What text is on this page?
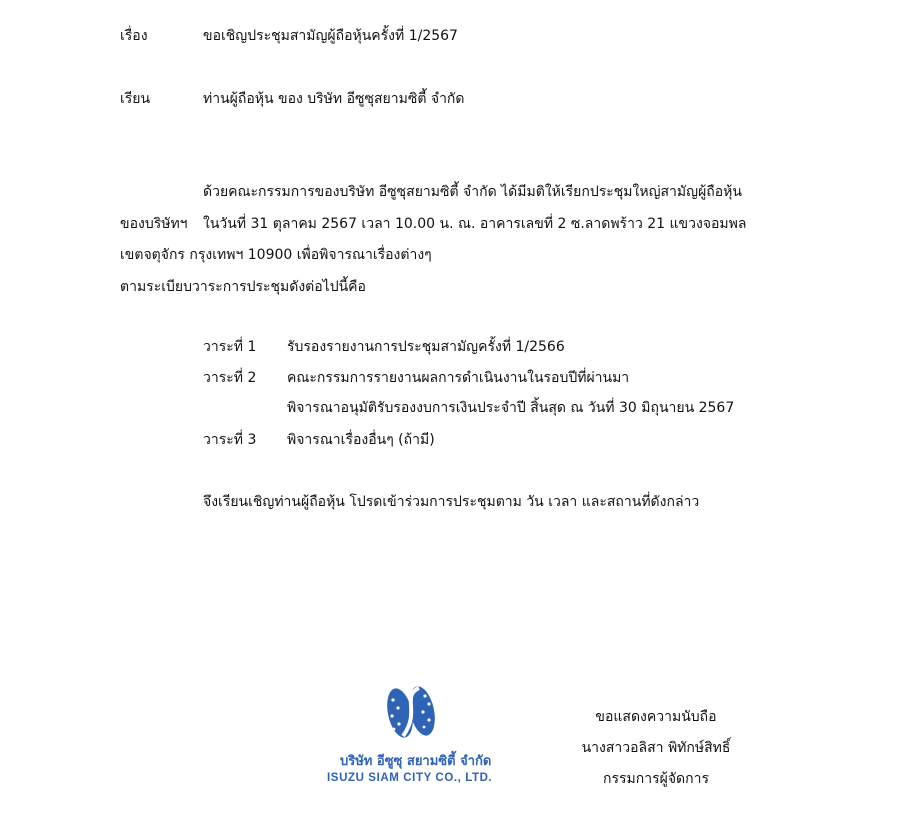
เรื่อง	ขอเชิญประชุมสามัญผู้ถือหุ้นครั้งที่ 1/2567
เรียน	ท่านผู้ถือหุ้น ของ บริษัท อีซูซุสยามซิตี้ จำกัด
ด้วยคณะกรรมการของบริษัท อีซูซุสยามซิตี้ จำกัด ได้มีมติให้เรียกประชุมใหญ่สามัญผู้ถือหุ้น
ของบริษัทฯ ในวันที่ 31 ตุลาคม 2567 เวลา 10.00 น. ณ. อาคารเลขที่ 2 ซ.ลาดพร้าว 21 แขวงจอมพล
เขตจตุจักร กรุงเทพฯ 10900 เพื่อพิจารณาเรื่องต่างๆ
ตามระเบียบวาระการประชุมดังต่อไปนี้คือ
วาระที่ 1 รับรองรายงานการประชุมสามัญครั้งที่ 1/2566
วาระที่ 2 คณะกรรมการรายงานผลการดำเนินงานในรอบปีที่ผ่านมา
พิจารณาอนุมัติรับรองงบการเงินประจำปี สิ้นสุด ณ วันที่ 30 มิถุนายน 2567
วาระที่ 3 พิจารณาเรื่องอื่นๆ (ถ้ามี)
จึงเรียนเชิญท่านผู้ถือหุ้น โปรดเข้าร่วมการประชุมตาม วัน เวลา และสถานที่ดังกล่าว
บริษัท อีซูซุ สยามซิตี้ จำกัด
ISUZU SIAM CITY CO., LTD.
ขอแสดงความนับถือ
นางสาวอลิสา พิทักษ์สิทธิ์
กรรมการผู้จัดการ
